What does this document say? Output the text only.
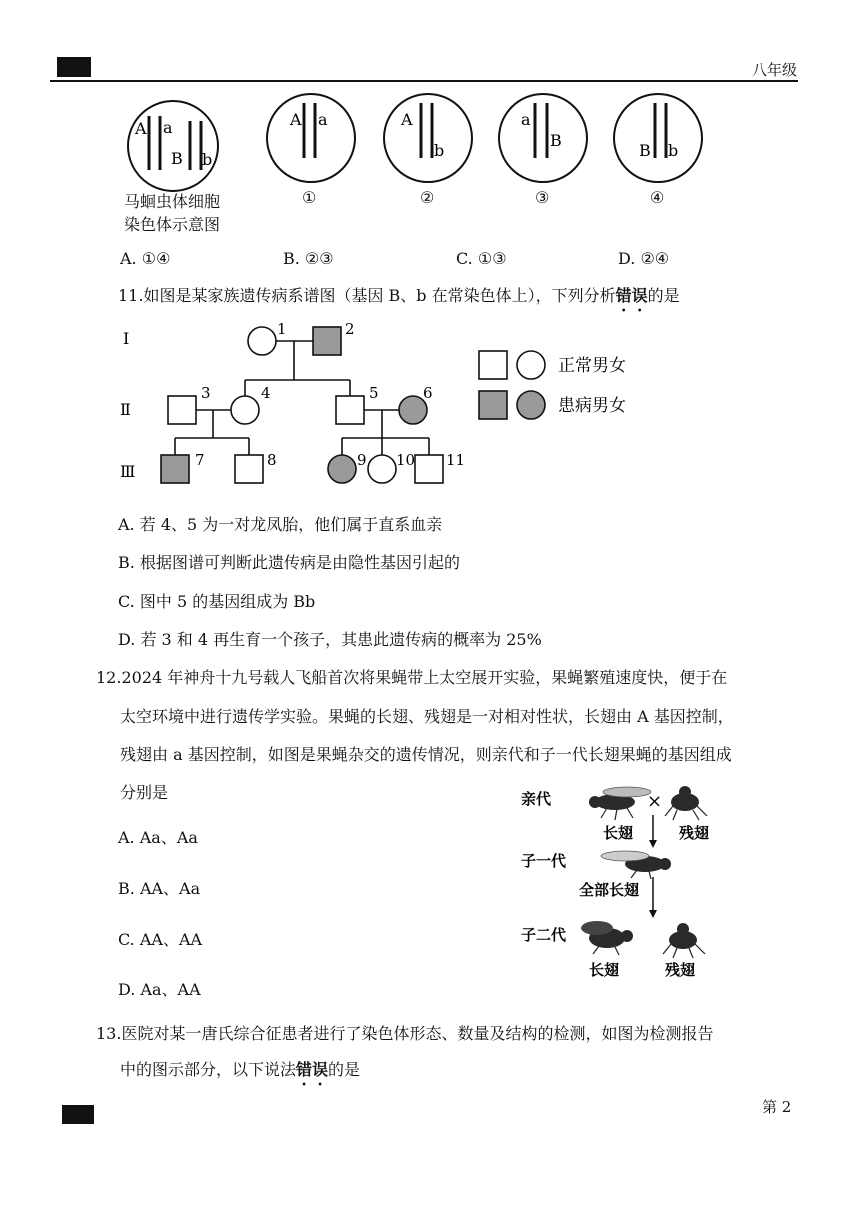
八年级
A a
B b
A a	A
b
a
B
B b
马蛔虫体细胞
染色体示意图
①	②	③	④
A. ①④	B. ②③	C. ①③	D. ②④
11.如图是某家族遗传病系谱图（基因 B、b 在常染色体上），下列分析错误的是
Ⅰ
Ⅱ
Ⅲ
1	2
3	4	5	6
7	8	9 10 11
正常男女
患病男女
A. 若 4、5 为一对龙凤胎，他们属于直系血亲
B. 根据图谱可判断此遗传病是由隐性基因引起的
C. 图中 5 的基因组成为 Bb
D. 若 3 和 4 再生育一个孩子，其患此遗传病的概率为 25%
12.2024 年神舟十九号载人飞船首次将果蝇带上太空展开实验，果蝇繁殖速度快，便于在
太空环境中进行遗传学实验。果蝇的长翅、残翅是一对相对性状，长翅由 A 基因控制，
残翅由 a 基因控制，如图是果蝇杂交的遗传情况，则亲代和子一代长翅果蝇的基因组成
分别是	×
亲代
长翅	残翅
子一代
全部长翅
子二代
长翅	残翅
A. Aa、Aa
B. AA、Aa
C. AA、AA
D. Aa、AA
13.医院对某一唐氏综合征患者进行了染色体形态、数量及结构的检测，如图为检测报告
中的图示部分，以下说法错误的是
第 2
